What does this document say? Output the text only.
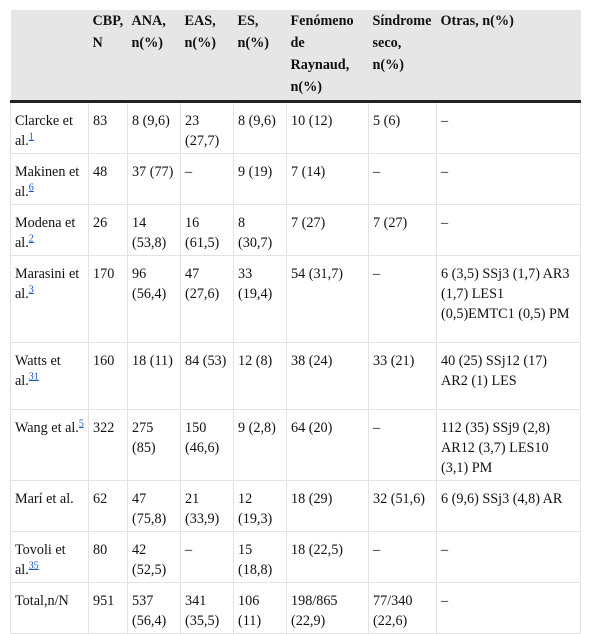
	CBP, N	ANA, n(%)	EAS, n(%)	ES, n(%)	Fenómeno de Raynaud, n(%)	Síndrome seco, n(%)	Otras, n(%)
Clarcke et al.$^1$	83	8 (9,6)	23 (27,7)	8 (9,6)	10 (12)	5 (6)	–
Makinen et al.$^6$	48	37 (77)	–	9 (19)	7 (14)	–	–
Modena et al.$^2$	26	14 (53,8)	16 (61,5)	8 (30,7)	7 (27)	7 (27)	–
Marasini et al.$^3$	170	96 (56,4)	47 (27,6)	33 (19,4)	54 (31,7)	–	6 (3,5) SSj3 (1,7) AR3 (1,7) LES1 (0,5)EMTC1 (0,5) PM
Watts et al.$^{31}$	160	18 (11)	84 (53)	12 (8)	38 (24)	33 (21)	40 (25) SSj12 (17) AR2 (1) LES
Wang et al.$^5$	322	275 (85)	150 (46,6)	9 (2,8)	64 (20)	–	112 (35) SSj9 (2,8) AR12 (3,7) LES10 (3,1) PM
Marí et al.	62	47 (75,8)	21 (33,9)	12 (19,3)	18 (29)	32 (51,6)	6 (9,6) SSj3 (4,8) AR
Tovoli et al.$^{35}$	80	42 (52,5)	–	15 (18,8)	18 (22,5)	–	–
Total,n/N	951	537 (56,4)	341 (35,5)	106 (11)	198/865 (22,9)	77/340 (22,6)	–
